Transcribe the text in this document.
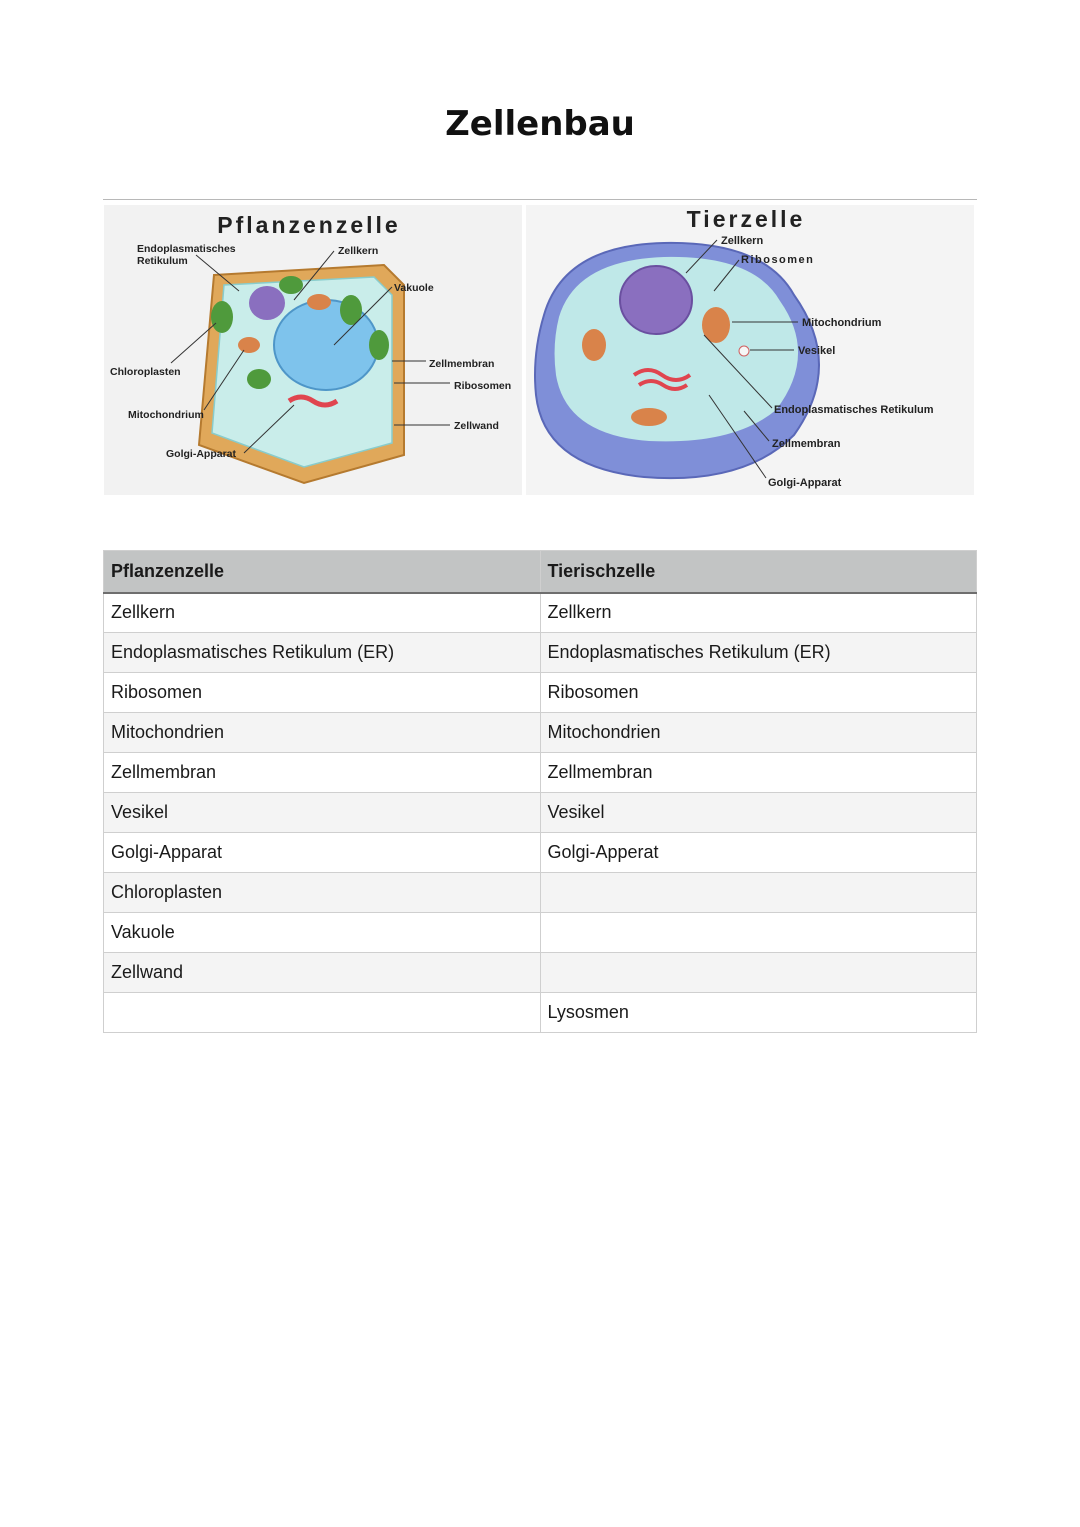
Zellenbau
Pflanzenzelle
Endoplasmatisches
Retikulum
Zellkern
Vakuole
Chloroplasten
Zellmembran
Ribosomen
Mitochondrium
Zellwand
Golgi-Apparat
Tierzelle
Zellkern
Ribosomen
Mitochondrium
Vesikel
Endoplasmatisches Retikulum
Zellmembran
Golgi-Apparat
Pflanzenzelle	Tierischzelle
Zellkern	Zellkern
Endoplasmatisches Retikulum (ER)	Endoplasmatisches Retikulum (ER)
Ribosomen	Ribosomen
Mitochondrien	Mitochondrien
Zellmembran	Zellmembran
Vesikel	Vesikel
Golgi-Apparat	Golgi-Apperat
Chloroplasten	
Vakuole	
Zellwand	
	Lysosmen
